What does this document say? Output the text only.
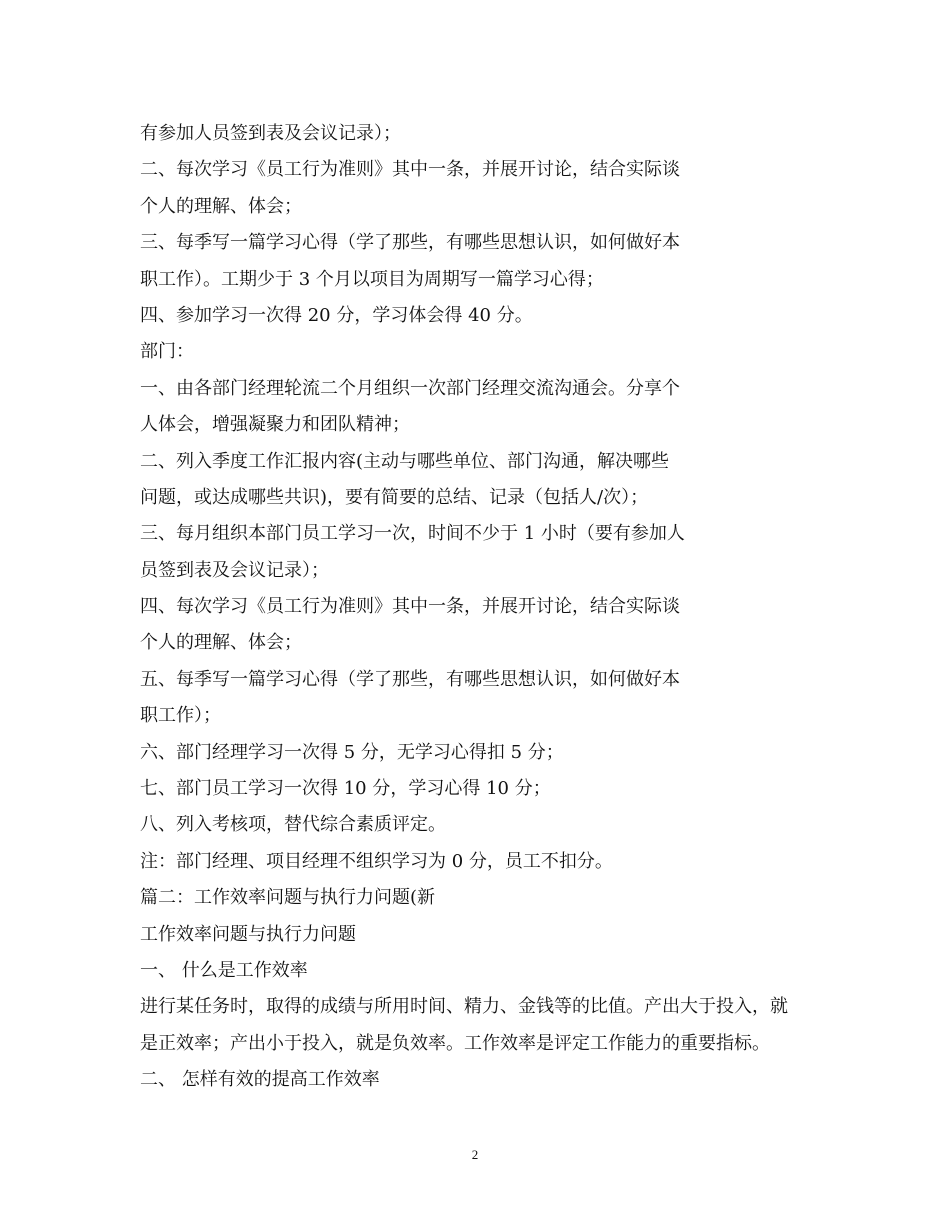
有参加人员签到表及会议记录）；
二、每次学习《员工行为准则》其中一条，并展开讨论，结合实际谈
个人的理解、体会；
三、每季写一篇学习心得（学了那些，有哪些思想认识，如何做好本
职工作）。工期少于 3 个月以项目为周期写一篇学习心得；
四、参加学习一次得 20 分，学习体会得 40 分。
部门：
一、由各部门经理轮流二个月组织一次部门经理交流沟通会。分享个
人体会，增强凝聚力和团队精神；
二、列入季度工作汇报内容(主动与哪些单位、部门沟通，解决哪些
问题，或达成哪些共识)，要有简要的总结、记录（包括人/次）；
三、每月组织本部门员工学习一次，时间不少于 1 小时（要有参加人
员签到表及会议记录）；
四、每次学习《员工行为准则》其中一条，并展开讨论，结合实际谈
个人的理解、体会；
五、每季写一篇学习心得（学了那些，有哪些思想认识，如何做好本
职工作）；
六、部门经理学习一次得 5 分，无学习心得扣 5 分；
七、部门员工学习一次得 10 分，学习心得 10 分；
八、列入考核项，替代综合素质评定。
注：部门经理、项目经理不组织学习为 0 分，员工不扣分。
篇二：工作效率问题与执行力问题(新
工作效率问题与执行力问题
一、 什么是工作效率
进行某任务时，取得的成绩与所用时间、精力、金钱等的比值。产出大于投入，就
是正效率；产出小于投入，就是负效率。工作效率是评定工作能力的重要指标。
二、 怎样有效的提高工作效率
2
